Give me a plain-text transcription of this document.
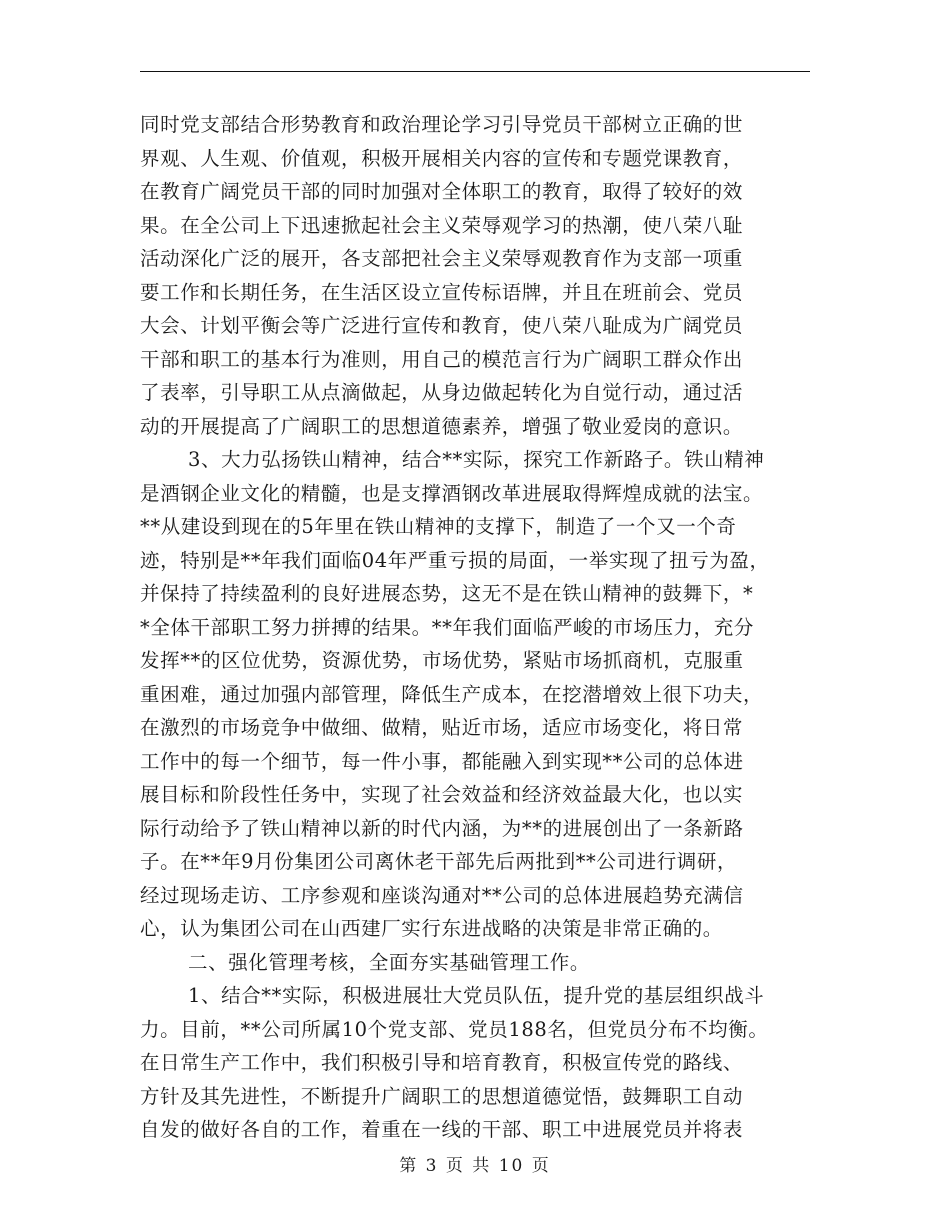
同时党支部结合形势教育和政治理论学习引导党员干部树立正确的世
界观、人生观、价值观，积极开展相关内容的宣传和专题党课教育，
在教育广阔党员干部的同时加强对全体职工的教育，取得了较好的效
果。在全公司上下迅速掀起社会主义荣辱观学习的热潮，使八荣八耻
活动深化广泛的展开，各支部把社会主义荣辱观教育作为支部一项重
要工作和长期任务，在生活区设立宣传标语牌，并且在班前会、党员
大会、计划平衡会等广泛进行宣传和教育，使八荣八耻成为广阔党员
干部和职工的基本行为准则，用自己的模范言行为广阔职工群众作出
了表率，引导职工从点滴做起，从身边做起转化为自觉行动，通过活
动的开展提高了广阔职工的思想道德素养，增强了敬业爱岗的意识。
3、大力弘扬铁山精神，结合**实际，探究工作新路子。铁山精神
是酒钢企业文化的精髓，也是支撑酒钢改革进展取得辉煌成就的法宝。
**从建设到现在的5年里在铁山精神的支撑下，制造了一个又一个奇
迹，特别是**年我们面临04年严重亏损的局面，一举实现了扭亏为盈，
并保持了持续盈利的良好进展态势，这无不是在铁山精神的鼓舞下，*
*全体干部职工努力拼搏的结果。**年我们面临严峻的市场压力，充分
发挥**的区位优势，资源优势，市场优势，紧贴市场抓商机，克服重
重困难，通过加强内部管理，降低生产成本，在挖潜增效上很下功夫，
在激烈的市场竞争中做细、做精，贴近市场，适应市场变化，将日常
工作中的每一个细节，每一件小事，都能融入到实现**公司的总体进
展目标和阶段性任务中，实现了社会效益和经济效益最大化，也以实
际行动给予了铁山精神以新的时代内涵，为**的进展创出了一条新路
子。在**年9月份集团公司离休老干部先后两批到**公司进行调研，
经过现场走访、工序参观和座谈沟通对**公司的总体进展趋势充满信
心，认为集团公司在山西建厂实行东进战略的决策是非常正确的。
二、强化管理考核，全面夯实基础管理工作。
1、结合**实际，积极进展壮大党员队伍，提升党的基层组织战斗
力。目前，**公司所属10个党支部、党员188名，但党员分布不均衡。
在日常生产工作中，我们积极引导和培育教育，积极宣传党的路线、
方针及其先进性，不断提升广阔职工的思想道德觉悟，鼓舞职工自动
自发的做好各自的工作，着重在一线的干部、职工中进展党员并将表
第 3 页 共 10 页
